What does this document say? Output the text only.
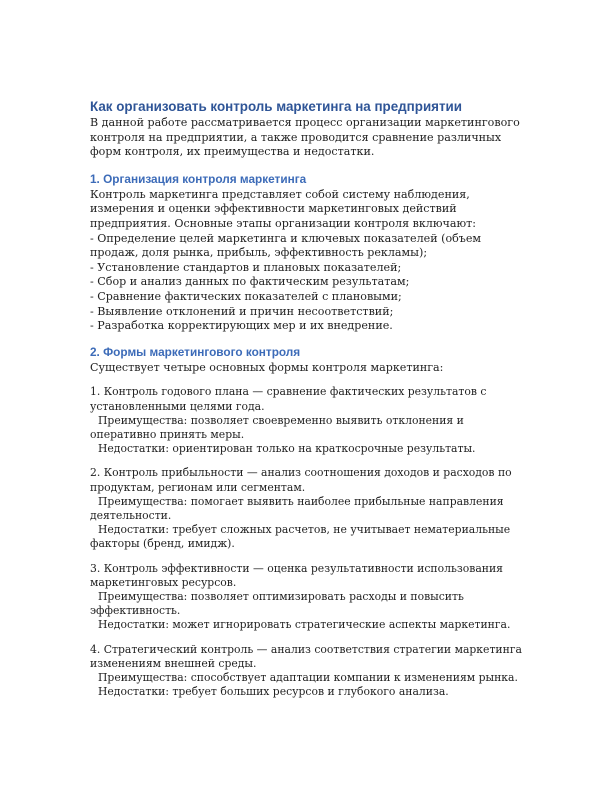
Как организовать контроль маркетинга на предприятии

В данной работе рассматривается процесс организации маркетингового контроля на предприятии, а также проводится сравнение различных форм контроля, их преимущества и недостатки.

1. Организация контроля маркетинга

Контроль маркетинга представляет собой систему наблюдения, измерения и оценки эффективности маркетинговых действий предприятия. Основные этапы организации контроля включают:

- Определение целей маркетинга и ключевых показателей (объем продаж, доля рынка, прибыль, эффективность рекламы);

- Установление стандартов и плановых показателей;

- Сбор и анализ данных по фактическим результатам;

- Сравнение фактических показателей с плановыми;

- Выявление отклонений и причин несоответствий;

- Разработка корректирующих мер и их внедрение.

2. Формы маркетингового контроля

Существует четыре основных формы контроля маркетинга:

1. Контроль годового плана — сравнение фактических результатов с установленными целями года.

Преимущества: позволяет своевременно выявить отклонения и оперативно принять меры.

Недостатки: ориентирован только на краткосрочные результаты.

2. Контроль прибыльности — анализ соотношения доходов и расходов по продуктам, регионам или сегментам.

Преимущества: помогает выявить наиболее прибыльные направления деятельности.

Недостатки: требует сложных расчетов, не учитывает нематериальные факторы (бренд, имидж).

3. Контроль эффективности — оценка результативности использования маркетинговых ресурсов.

Преимущества: позволяет оптимизировать расходы и повысить эффективность.

Недостатки: может игнорировать стратегические аспекты маркетинга.

4. Стратегический контроль — анализ соответствия стратегии маркетинга изменениям внешней среды.

Преимущества: способствует адаптации компании к изменениям рынка.

Недостатки: требует больших ресурсов и глубокого анализа.
